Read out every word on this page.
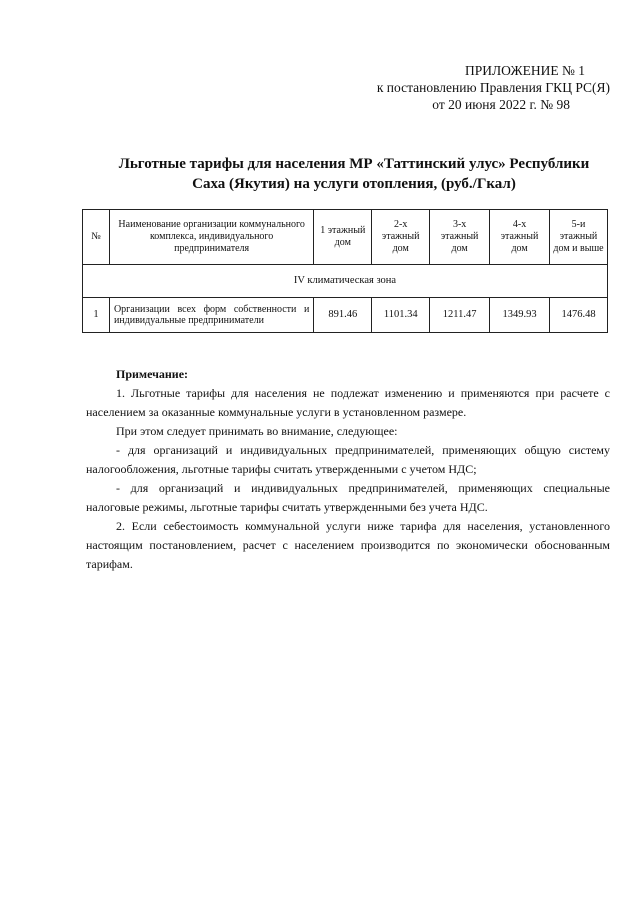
ПРИЛОЖЕНИЕ № 1
к постановлению Правления ГКЦ РС(Я)
от 20 июня 2022 г. № 98
Льготные тарифы для населения МР «Таттинский улус» Республики
Саха (Якутия) на услуги отопления, (руб./Гкал)
№	Наименование организации коммунального комплекса, индивидуального предпринимателя	1 этажный дом	2-х этажный дом	3-х этажный дом	4-х этажный дом	5-и этажный дом и выше
IV климатическая зона						
1	Организации всех форм собственности и индивидуальные предприниматели	891.46	1101.34	1211.47	1349.93	1476.48
Примечание:

1. Льготные тарифы для населения не подлежат изменению и применяются при расчете с населением за оказанные коммунальные услуги в установленном размере.

При этом следует принимать во внимание, следующее:

- для организаций и индивидуальных предпринимателей, применяющих общую систему налогообложения, льготные тарифы считать утвержденными с учетом НДС;

- для организаций и индивидуальных предпринимателей, применяющих специальные налоговые режимы, льготные тарифы считать утвержденными без учета НДС.

2. Если себестоимость коммунальной услуги ниже тарифа для населения, установленного настоящим постановлением, расчет с населением производится по экономически обоснованным тарифам.
